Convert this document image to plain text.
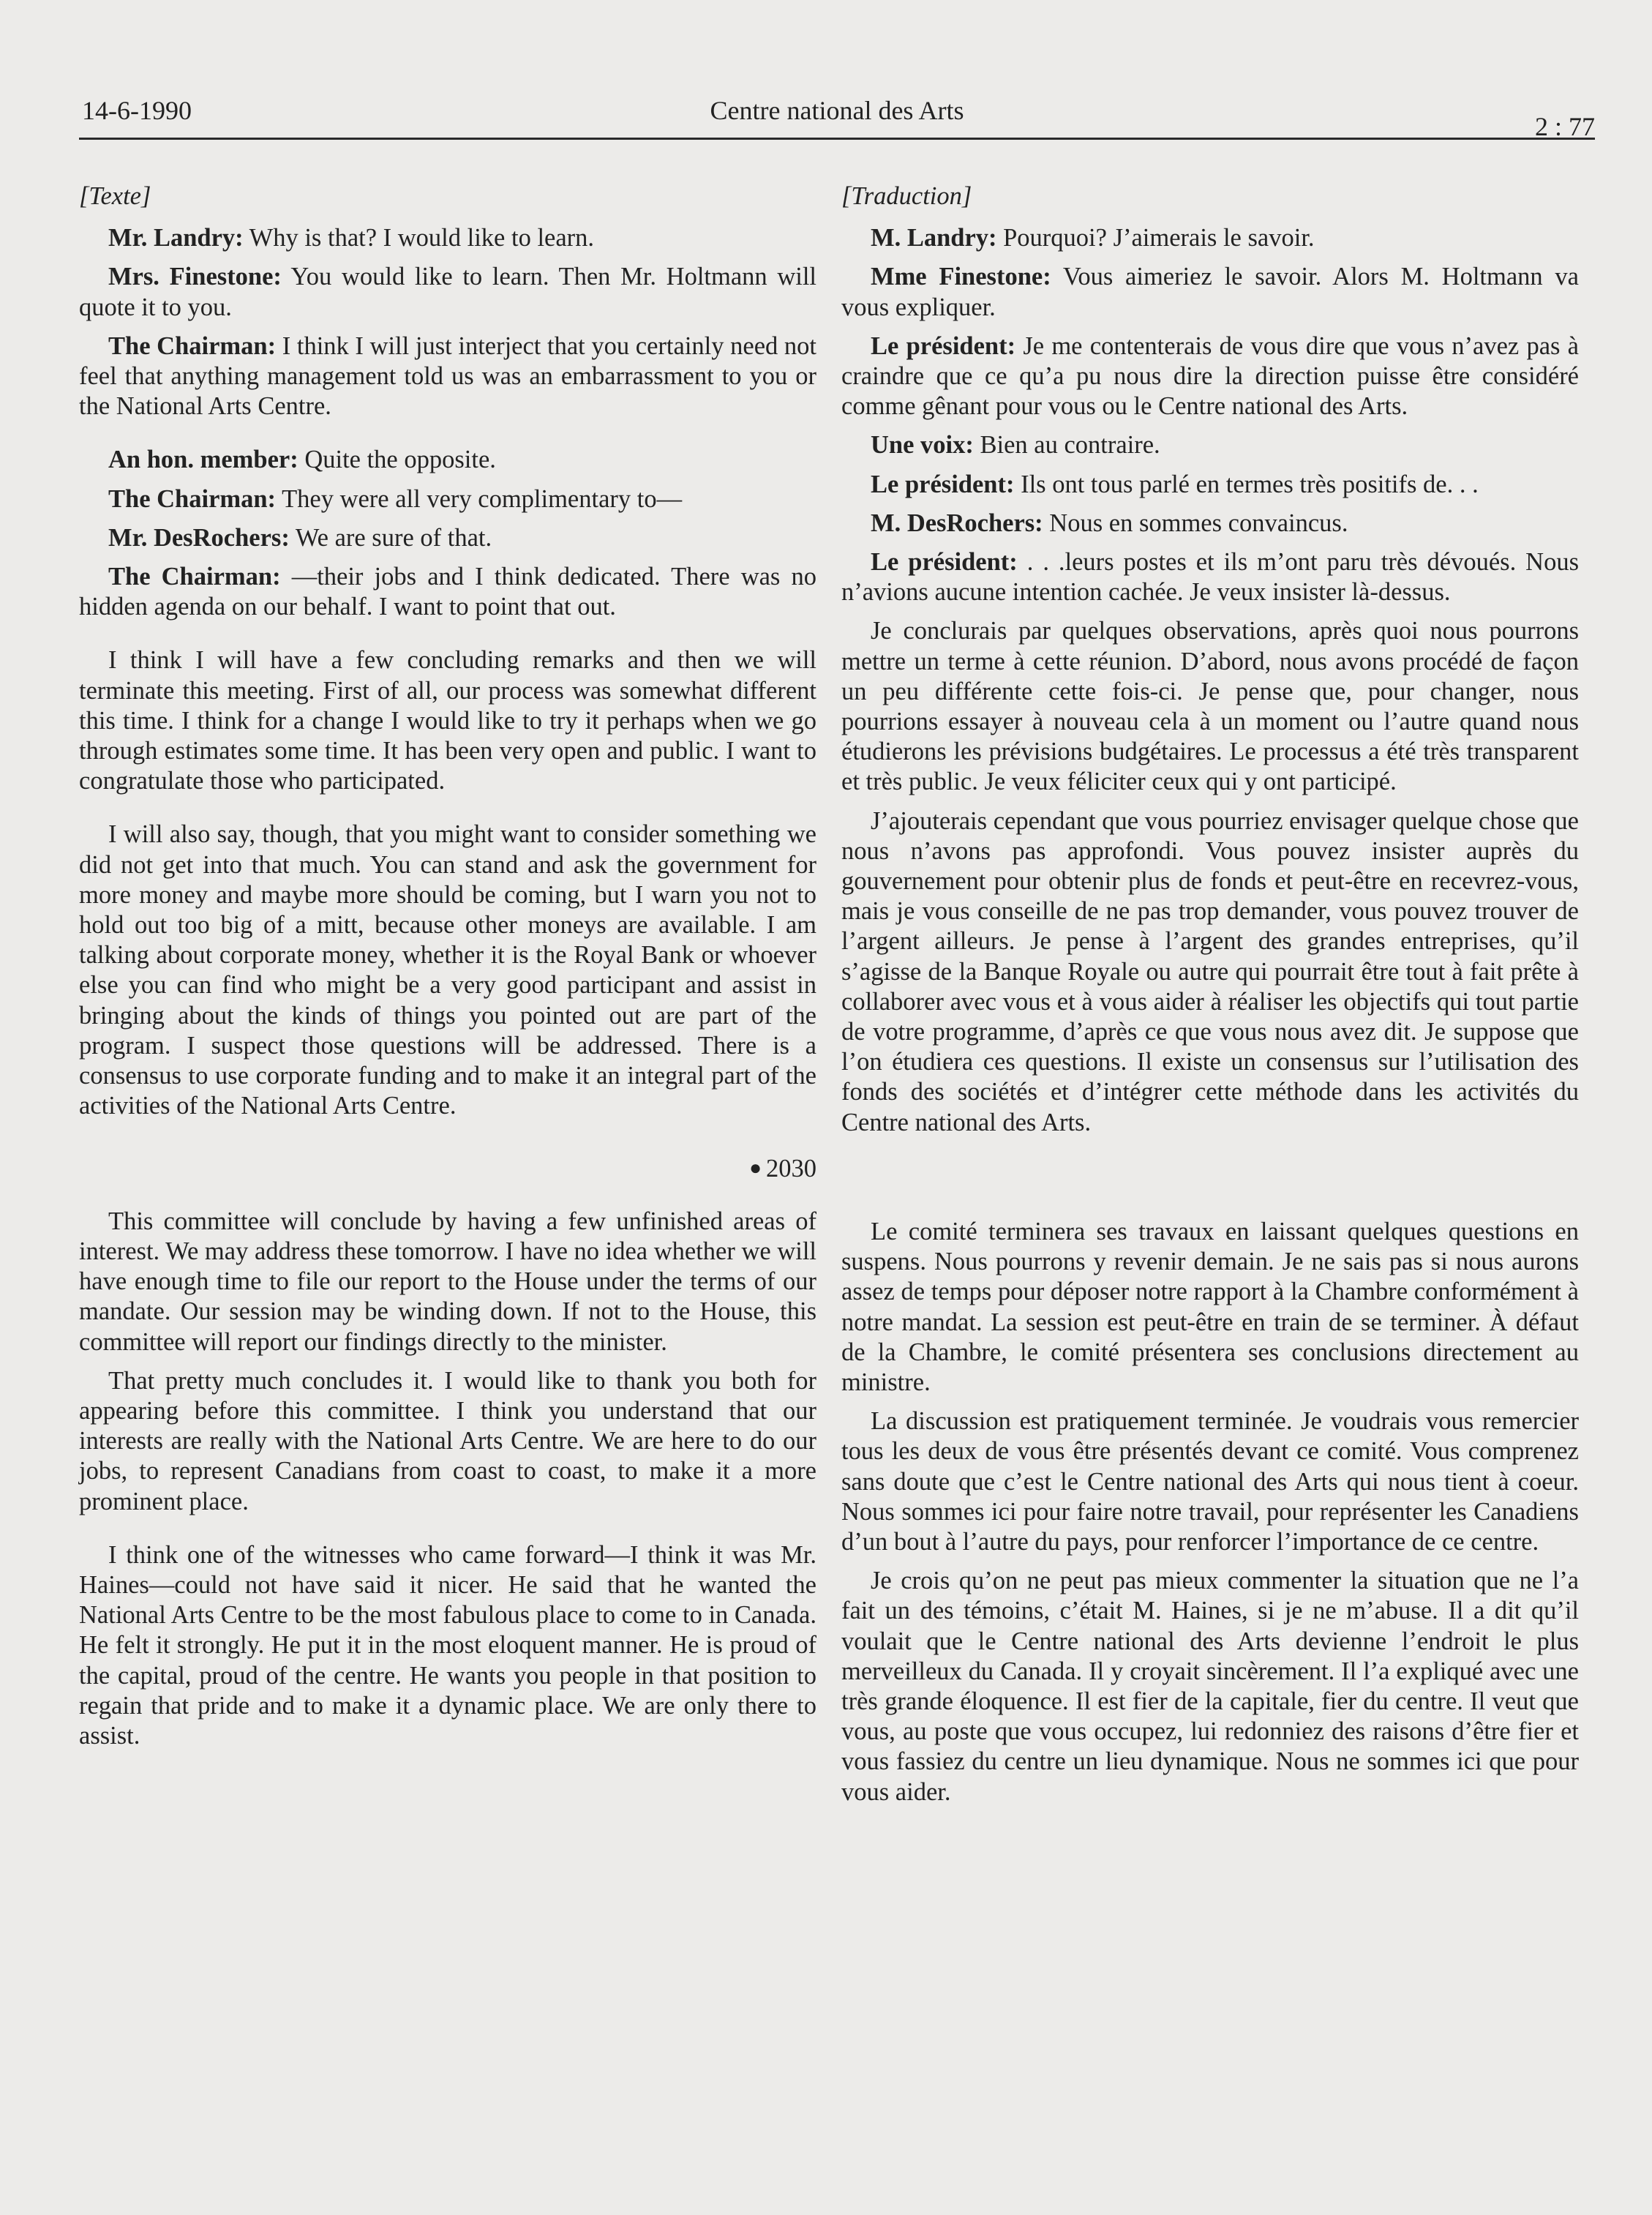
14-6-1990	Centre national des Arts
2 : 77

[Texte]

Mr. Landry: Why is that? I would like to learn.

Mrs. Finestone: You would like to learn. Then Mr. Holtmann will quote it to you.

The Chairman: I think I will just interject that you certainly need not feel that anything management told us was an embarrassment to you or the National Arts Centre.

An hon. member: Quite the opposite.

The Chairman: They were all very complimentary to—

Mr. DesRochers: We are sure of that.

The Chairman: —their jobs and I think dedicated. There was no hidden agenda on our behalf. I want to point that out.

I think I will have a few concluding remarks and then we will terminate this meeting. First of all, our process was somewhat different this time. I think for a change I would like to try it perhaps when we go through estimates some time. It has been very open and public. I want to congratulate those who participated.

I will also say, though, that you might want to consider something we did not get into that much. You can stand and ask the government for more money and maybe more should be coming, but I warn you not to hold out too big of a mitt, because other moneys are available. I am talking about corporate money, whether it is the Royal Bank or whoever else you can find who might be a very good participant and assist in bringing about the kinds of things you pointed out are part of the program. I suspect those questions will be addressed. There is a consensus to use corporate funding and to make it an integral part of the activities of the National Arts Centre.

● 2030

This committee will conclude by having a few unfinished areas of interest. We may address these tomorrow. I have no idea whether we will have enough time to file our report to the House under the terms of our mandate. Our session may be winding down. If not to the House, this committee will report our findings directly to the minister.

That pretty much concludes it. I would like to thank you both for appearing before this committee. I think you understand that our interests are really with the National Arts Centre. We are here to do our jobs, to represent Canadians from coast to coast, to make it a more prominent place.

I think one of the witnesses who came forward—I think it was Mr. Haines—could not have said it nicer. He said that he wanted the National Arts Centre to be the most fabulous place to come to in Canada. He felt it strongly. He put it in the most eloquent manner. He is proud of the capital, proud of the centre. He wants you people in that position to regain that pride and to make it a dynamic place. We are only there to assist.

[Traduction]

M. Landry: Pourquoi? J’aimerais le savoir.

Mme Finestone: Vous aimeriez le savoir. Alors M. Holtmann va vous expliquer.

Le président: Je me contenterais de vous dire que vous n’avez pas à craindre que ce qu’a pu nous dire la direction puisse être considéré comme gênant pour vous ou le Centre national des Arts.

Une voix: Bien au contraire.

Le président: Ils ont tous parlé en termes très positifs de. . .

M. DesRochers: Nous en sommes convaincus.

Le président: . . .leurs postes et ils m’ont paru très dévoués. Nous n’avions aucune intention cachée. Je veux insister là-dessus.

Je conclurais par quelques observations, après quoi nous pourrons mettre un terme à cette réunion. D’abord, nous avons procédé de façon un peu différente cette fois-ci. Je pense que, pour changer, nous pourrions essayer à nouveau cela à un moment ou l’autre quand nous étudierons les prévisions budgétaires. Le processus a été très transparent et très public. Je veux féliciter ceux qui y ont participé.

J’ajouterais cependant que vous pourriez envisager quelque chose que nous n’avons pas approfondi. Vous pouvez insister auprès du gouvernement pour obtenir plus de fonds et peut-être en recevrez-vous, mais je vous conseille de ne pas trop demander, vous pouvez trouver de l’argent ailleurs. Je pense à l’argent des grandes entreprises, qu’il s’agisse de la Banque Royale ou autre qui pourrait être tout à fait prête à collaborer avec vous et à vous aider à réaliser les objectifs qui tout partie de votre programme, d’après ce que vous nous avez dit. Je suppose que l’on étudiera ces questions. Il existe un consensus sur l’utilisation des fonds des sociétés et d’intégrer cette méthode dans les activités du Centre national des Arts.

Le comité terminera ses travaux en laissant quelques questions en suspens. Nous pourrons y revenir demain. Je ne sais pas si nous aurons assez de temps pour déposer notre rapport à la Chambre conformément à notre mandat. La session est peut-être en train de se terminer. À défaut de la Chambre, le comité présentera ses conclusions directement au ministre.

La discussion est pratiquement terminée. Je voudrais vous remercier tous les deux de vous être présentés devant ce comité. Vous comprenez sans doute que c’est le Centre national des Arts qui nous tient à coeur. Nous sommes ici pour faire notre travail, pour représenter les Canadiens d’un bout à l’autre du pays, pour renforcer l’importance de ce centre.

Je crois qu’on ne peut pas mieux commenter la situation que ne l’a fait un des témoins, c’était M. Haines, si je ne m’abuse. Il a dit qu’il voulait que le Centre national des Arts devienne l’endroit le plus merveilleux du Canada. Il y croyait sincèrement. Il l’a expliqué avec une très grande éloquence. Il est fier de la capitale, fier du centre. Il veut que vous, au poste que vous occupez, lui redonniez des raisons d’être fier et vous fassiez du centre un lieu dynamique. Nous ne sommes ici que pour vous aider.
